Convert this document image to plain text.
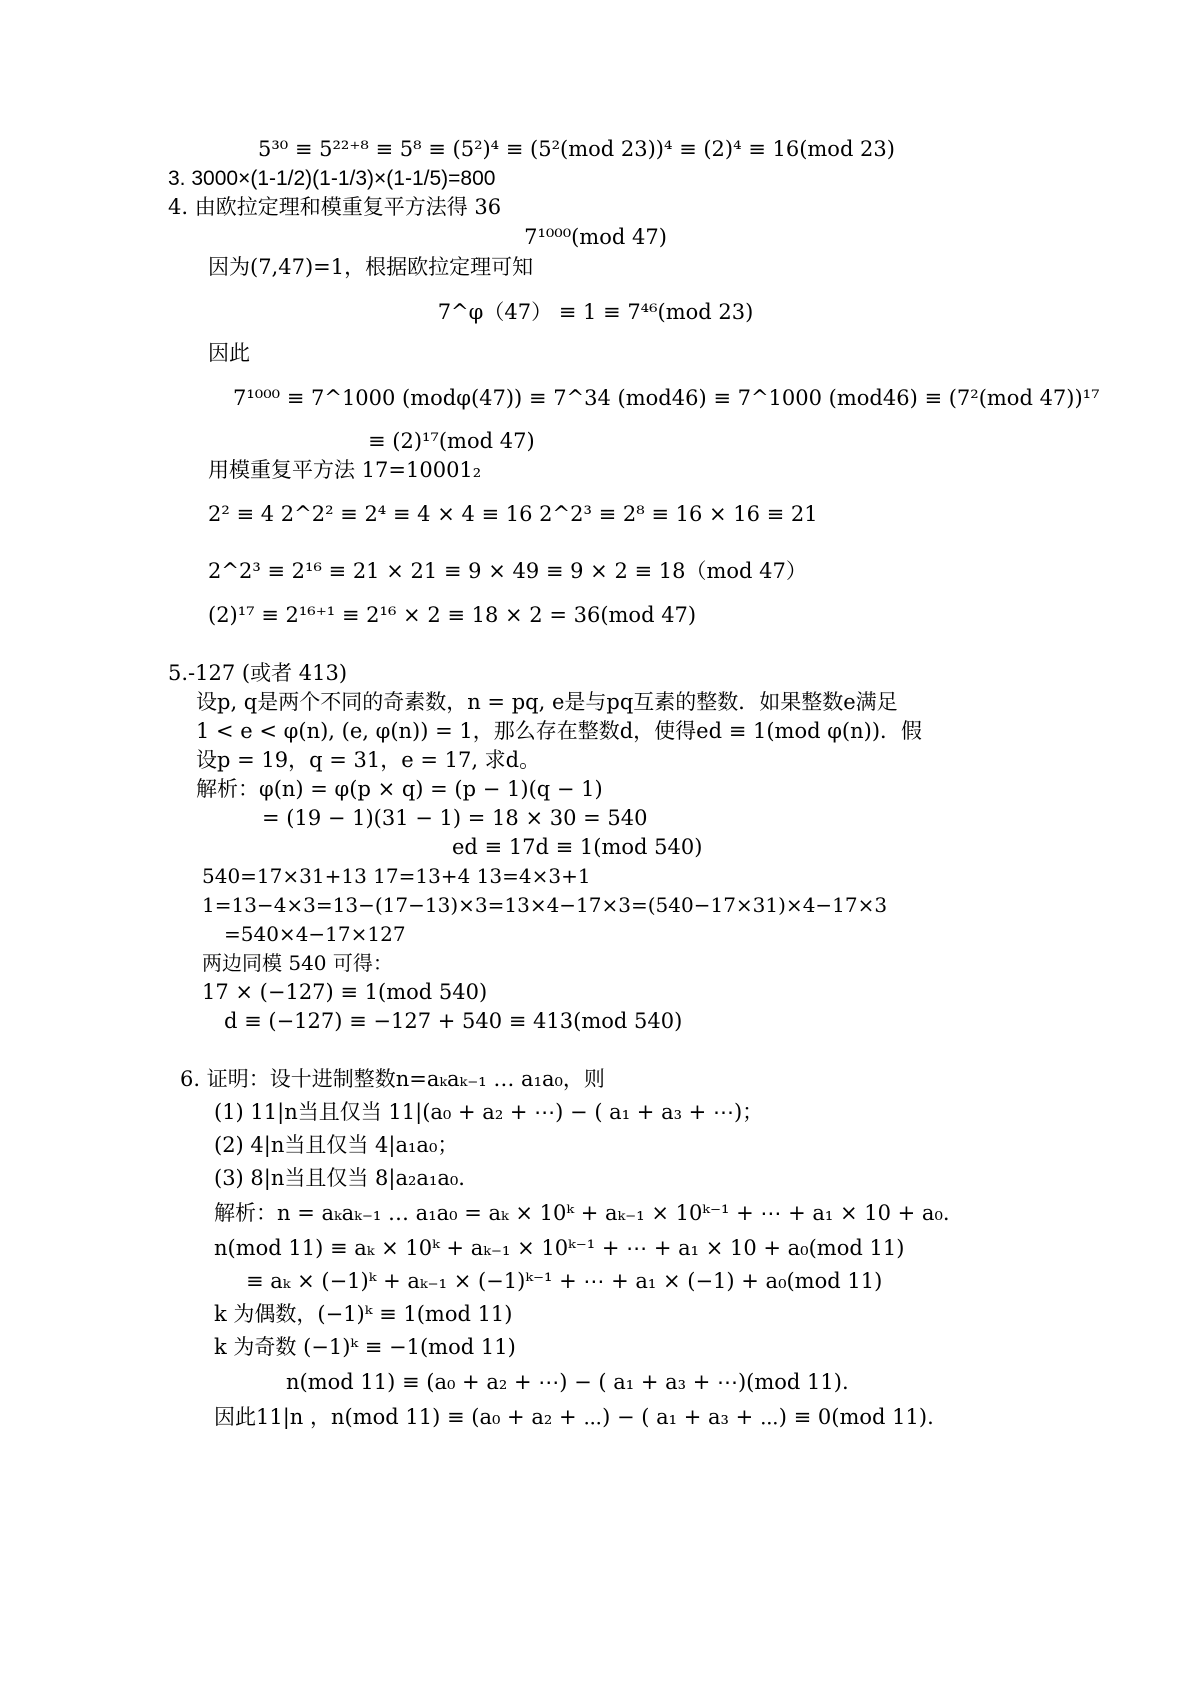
5³⁰ ≡ 5²²⁺⁸ ≡ 5⁸ ≡ (5²)⁴ ≡ (5²(mod 23))⁴ ≡ (2)⁴ ≡ 16(mod 23)
3. 3000×(1-1/2)(1-1/3)×(1-1/5)=800
4. 由欧拉定理和模重复平方法得 36
7¹⁰⁰⁰(mod 47)
因为(7,47)=1，根据欧拉定理可知
7^φ（47） ≡ 1 ≡ 7⁴⁶(mod 23)
因此
7¹⁰⁰⁰ ≡ 7^1000 (modφ(47)) ≡ 7^34 (mod46) ≡ 7^1000 (mod46) ≡ (7²(mod 47))¹⁷
≡ (2)¹⁷(mod 47)
用模重复平方法 17=10001₂
2² ≡ 4 2^2² ≡ 2⁴ ≡ 4 × 4 ≡ 16 2^2³ ≡ 2⁸ ≡ 16 × 16 ≡ 21
2^2³ ≡ 2¹⁶ ≡ 21 × 21 ≡ 9 × 49 ≡ 9 × 2 ≡ 18（mod 47）
(2)¹⁷ ≡ 2¹⁶⁺¹ ≡ 2¹⁶ × 2 ≡ 18 × 2 = 36(mod 47)
5.-127 (或者 413)
设p, q是两个不同的奇素数，n = pq, e是与pq互素的整数．如果整数e满足
1 < e < φ(n), (e, φ(n)) = 1，那么存在整数d，使得ed ≡ 1(mod φ(n))．假
设p = 19，q = 31，e = 17, 求d。
解析：φ(n) = φ(p × q) = (p − 1)(q − 1)
= (19 − 1)(31 − 1) = 18 × 30 = 540
ed ≡ 17d ≡ 1(mod 540)
540=17×31+13 17=13+4 13=4×3+1
1=13−4×3=13−(17−13)×3=13×4−17×3=(540−17×31)×4−17×3
=540×4−17×127
两边同模 540 可得：
17 × (−127) ≡ 1(mod 540)
d ≡ (−127) ≡ −127 + 540 ≡ 413(mod 540)
6. 证明：设十进制整数n=aₖaₖ₋₁ … a₁a₀，则
(1) 11|n当且仅当 11|(a₀ + a₂ + ⋯) − ( a₁ + a₃ + ⋯)；
(2) 4|n当且仅当 4|a₁a₀；
(3) 8|n当且仅当 8|a₂a₁a₀.
解析：n = aₖaₖ₋₁ … a₁a₀ = aₖ × 10ᵏ + aₖ₋₁ × 10ᵏ⁻¹ + ⋯ + a₁ × 10 + a₀.
n(mod 11) ≡ aₖ × 10ᵏ + aₖ₋₁ × 10ᵏ⁻¹ + ⋯ + a₁ × 10 + a₀(mod 11)
≡ aₖ × (−1)ᵏ + aₖ₋₁ × (−1)ᵏ⁻¹ + ⋯ + a₁ × (−1) + a₀(mod 11)
k 为偶数，(−1)ᵏ ≡ 1(mod 11)
k 为奇数 (−1)ᵏ ≡ −1(mod 11)
n(mod 11) ≡ (a₀ + a₂ + ⋯) − ( a₁ + a₃ + ⋯)(mod 11).
因此11|n ，n(mod 11) ≡ (a₀ + a₂ + ⋯) − ( a₁ + a₃ + ⋯) ≡ 0(mod 11).
